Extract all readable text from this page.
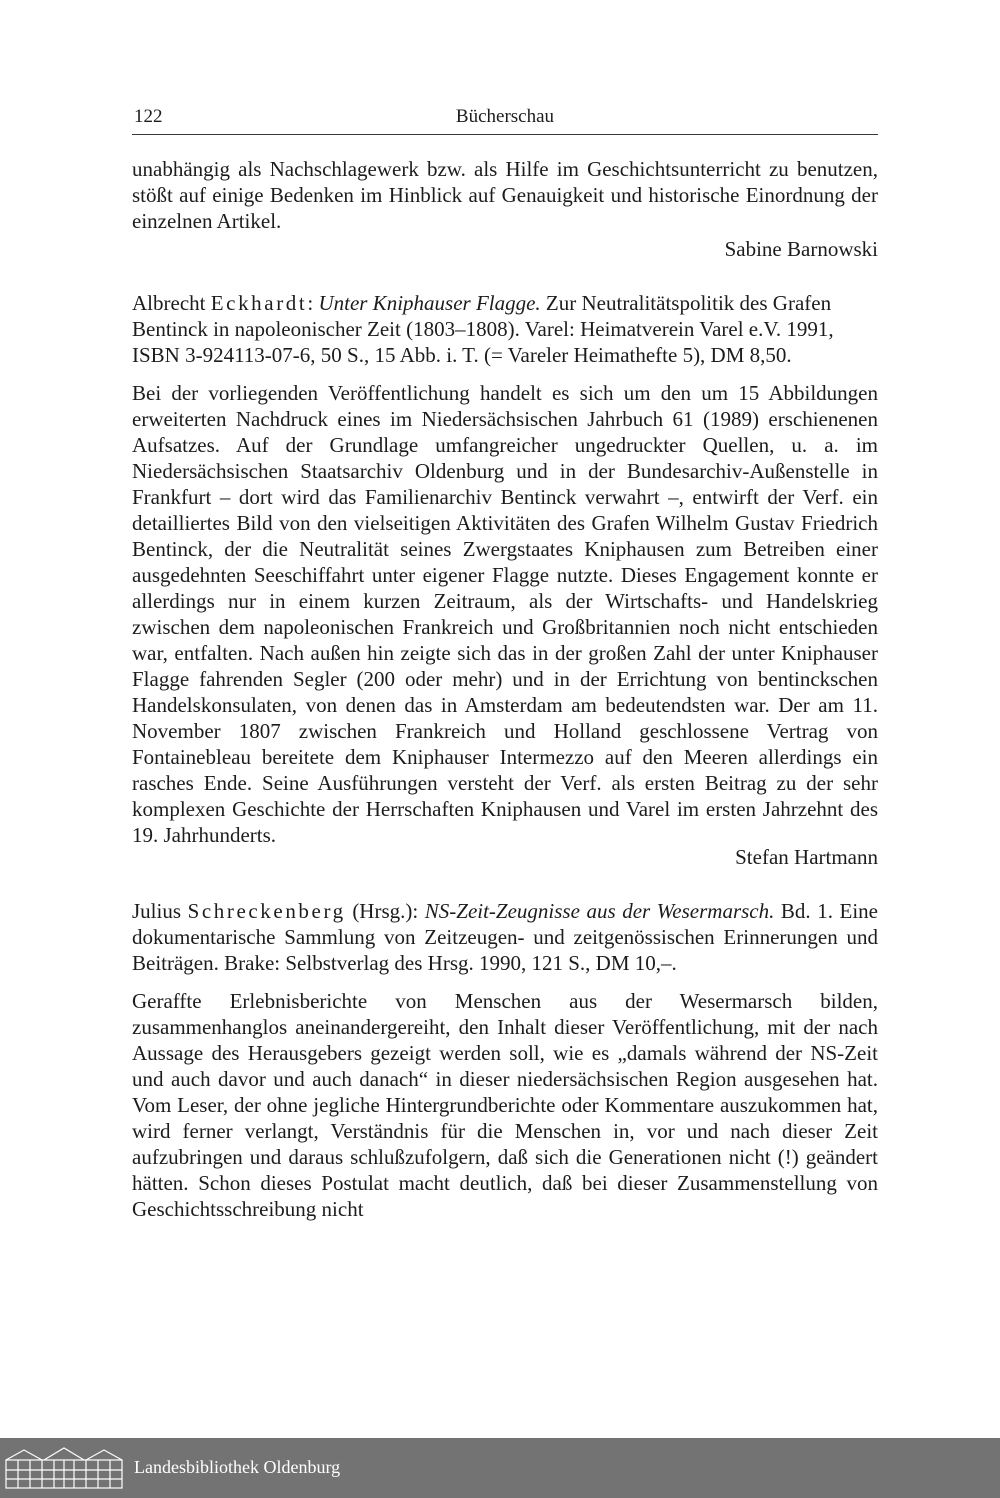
122	Bücherschau

unabhängig als Nachschlagewerk bzw. als Hilfe im Geschichtsunterricht zu benutzen, stößt auf einige Bedenken im Hinblick auf Genauigkeit und historische Einordnung der einzelnen Artikel.

Sabine Barnowski

Albrecht Eckhardt: Unter Kniphauser Flagge. Zur Neutralitätspolitik des Grafen Bentinck in napoleonischer Zeit (1803–1808). Varel: Heimatverein Varel e.V. 1991, ISBN 3-924113-07-6, 50 S., 15 Abb. i. T. (= Vareler Heimathefte 5), DM 8,50.

Bei der vorliegenden Veröffentlichung handelt es sich um den um 15 Abbildungen erweiterten Nachdruck eines im Niedersächsischen Jahrbuch 61 (1989) erschienenen Aufsatzes. Auf der Grundlage umfangreicher ungedruckter Quellen, u. a. im Niedersächsischen Staatsarchiv Oldenburg und in der Bundesarchiv-Außenstelle in Frankfurt – dort wird das Familienarchiv Bentinck verwahrt –, entwirft der Verf. ein detailliertes Bild von den vielseitigen Aktivitäten des Grafen Wilhelm Gustav Friedrich Bentinck, der die Neutralität seines Zwergstaates Kniphausen zum Betreiben einer ausgedehnten Seeschiffahrt unter eigener Flagge nutzte. Dieses Engagement konnte er allerdings nur in einem kurzen Zeitraum, als der Wirtschafts- und Handelskrieg zwischen dem napoleonischen Frankreich und Großbritannien noch nicht entschieden war, entfalten. Nach außen hin zeigte sich das in der großen Zahl der unter Kniphauser Flagge fahrenden Segler (200 oder mehr) und in der Errichtung von bentinckschen Handelskonsulaten, von denen das in Amsterdam am bedeutendsten war. Der am 11. November 1807 zwischen Frankreich und Holland geschlossene Vertrag von Fontainebleau bereitete dem Kniphauser Intermezzo auf den Meeren allerdings ein rasches Ende. Seine Ausführungen versteht der Verf. als ersten Beitrag zu der sehr komplexen Geschichte der Herrschaften Kniphausen und Varel im ersten Jahrzehnt des 19. Jahrhunderts.

Stefan Hartmann

Julius Schreckenberg (Hrsg.): NS-Zeit-Zeugnisse aus der Wesermarsch. Bd. 1. Eine dokumentarische Sammlung von Zeitzeugen- und zeitgenössischen Erinnerungen und Beiträgen. Brake: Selbstverlag des Hrsg. 1990, 121 S., DM 10,–.

Geraffte Erlebnisberichte von Menschen aus der Wesermarsch bilden, zusammenhanglos aneinandergereiht, den Inhalt dieser Veröffentlichung, mit der nach Aussage des Herausgebers gezeigt werden soll, wie es „damals während der NS-Zeit und auch davor und auch danach“ in dieser niedersächsischen Region ausgesehen hat. Vom Leser, der ohne jegliche Hintergrundberichte oder Kommentare auszukommen hat, wird ferner verlangt, Verständnis für die Menschen in, vor und nach dieser Zeit aufzubringen und daraus schlußzufolgern, daß sich die Generationen nicht (!) geändert hätten. Schon dieses Postulat macht deutlich, daß bei dieser Zusammenstellung von Geschichtsschreibung nicht

Landesbibliothek Oldenburg
